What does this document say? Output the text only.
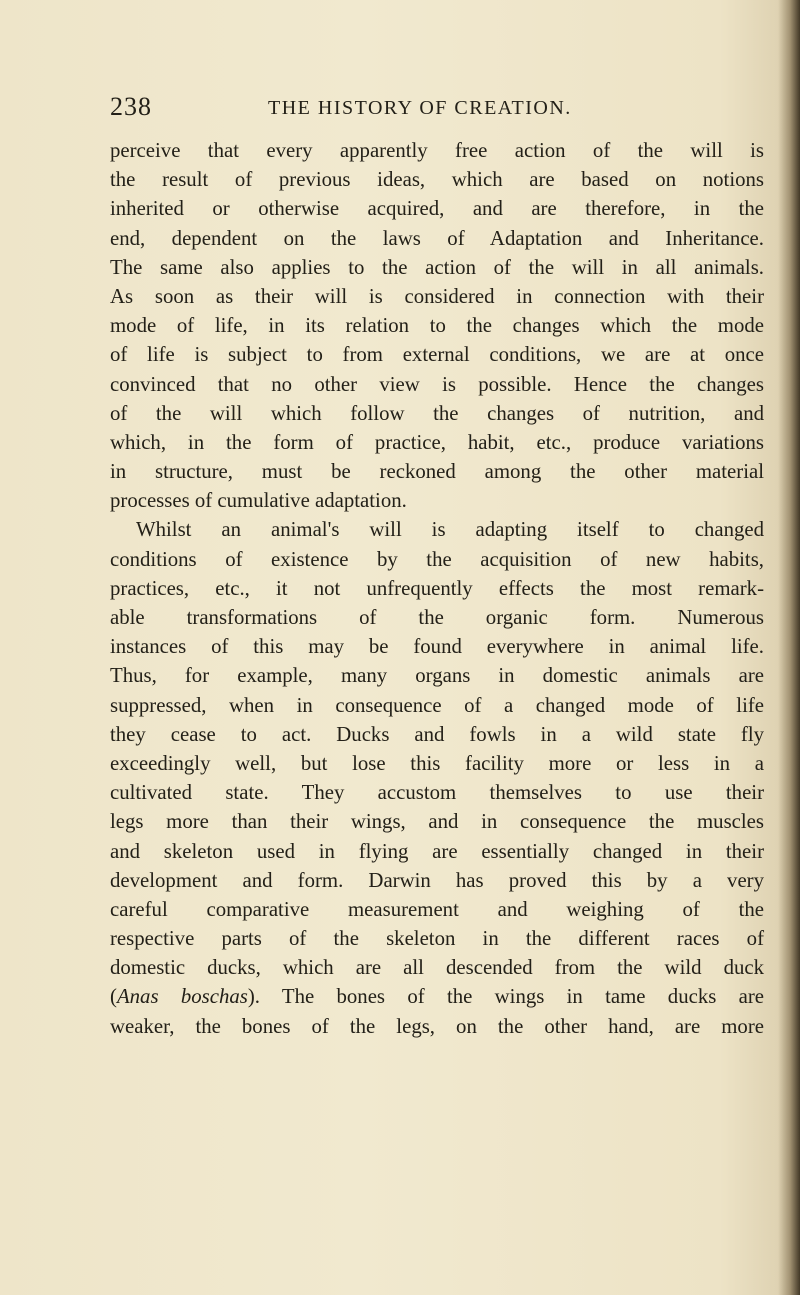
238	THE HISTORY OF CREATION.
perceive that every apparently free action of the will is
the result of previous ideas, which are based on notions
inherited or otherwise acquired, and are therefore, in the
end, dependent on the laws of Adaptation and Inheritance.
The same also applies to the action of the will in all animals.
As soon as their will is considered in connection with their
mode of life, in its relation to the changes which the mode
of life is subject to from external conditions, we are at once
convinced that no other view is possible. Hence the changes
of the will which follow the changes of nutrition, and
which, in the form of practice, habit, etc., produce variations
in structure, must be reckoned among the other material
processes of cumulative adaptation.
Whilst an animal's will is adapting itself to changed
conditions of existence by the acquisition of new habits,
practices, etc., it not unfrequently effects the most remark-
able transformations of the organic form. Numerous
instances of this may be found everywhere in animal life.
Thus, for example, many organs in domestic animals are
suppressed, when in consequence of a changed mode of life
they cease to act. Ducks and fowls in a wild state fly
exceedingly well, but lose this facility more or less in a
cultivated state. They accustom themselves to use their
legs more than their wings, and in consequence the muscles
and skeleton used in flying are essentially changed in their
development and form. Darwin has proved this by a very
careful comparative measurement and weighing of the
respective parts of the skeleton in the different races of
domestic ducks, which are all descended from the wild duck
(Anas boschas). The bones of the wings in tame ducks are
weaker, the bones of the legs, on the other hand, are more
